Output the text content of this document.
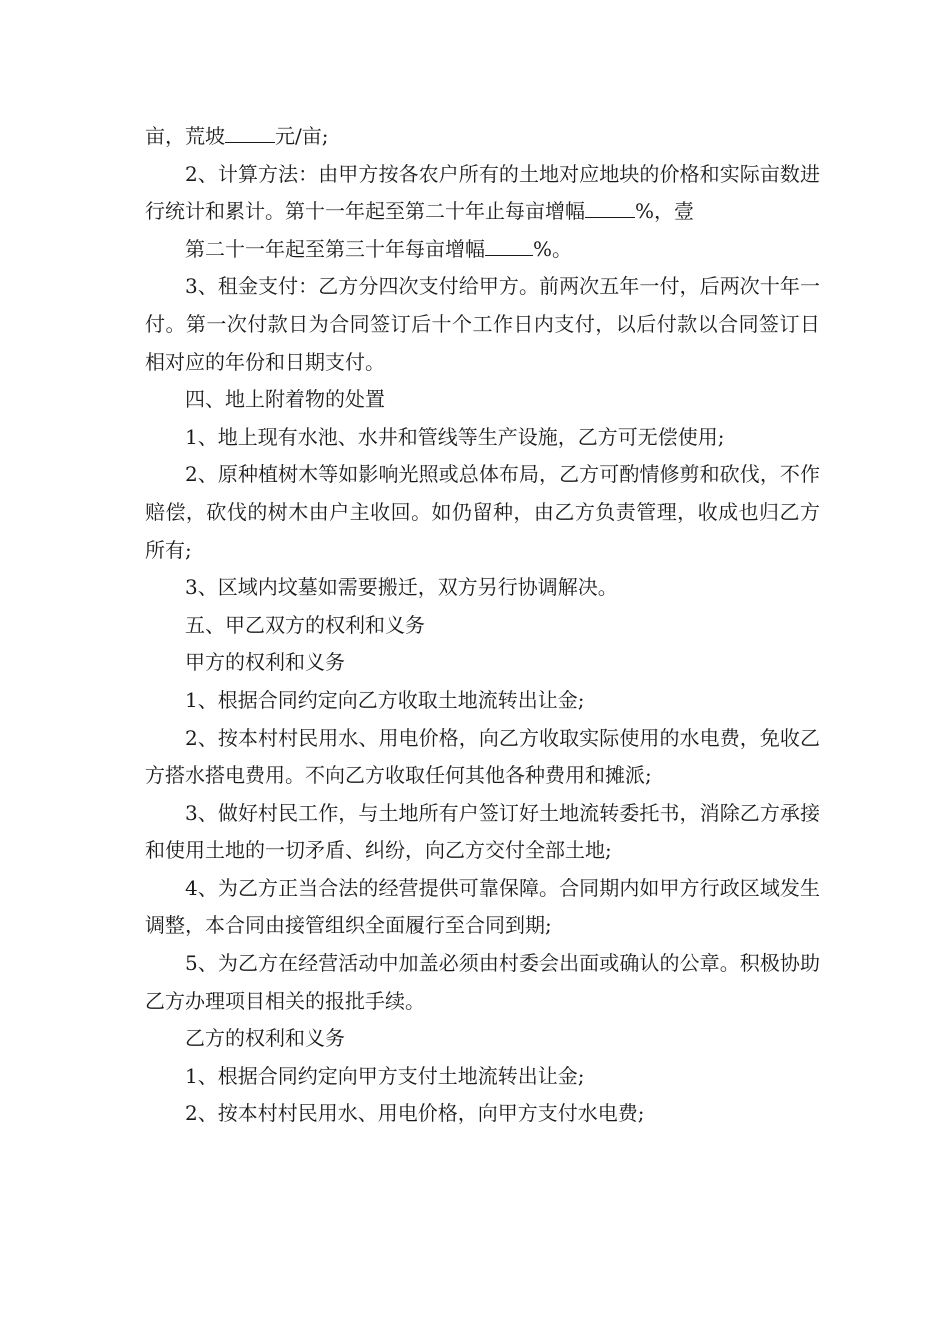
亩，荒坡	元/亩;

2、计算方法：由甲方按各农户所有的土地对应地块的价格和实际亩数进行统计和累计。第十一年起至第二十年止每亩增幅	%，壹

第二十一年起至第三十年每亩增幅 %。

3、租金支付：乙方分四次支付给甲方。前两次五年一付，后两次十年一付。第一次付款日为合同签订后十个工作日内支付，以后付款以合同签订日相对应的年份和日期支付。

四、地上附着物的处置

1、地上现有水池、水井和管线等生产设施，乙方可无偿使用;

2、原种植树木等如影响光照或总体布局，乙方可酌情修剪和砍伐，不作赔偿，砍伐的树木由户主收回。如仍留种，由乙方负责管理，收成也归乙方所有;

3、区域内坟墓如需要搬迁，双方另行协调解决。

五、甲乙双方的权利和义务

甲方的权利和义务

1、根据合同约定向乙方收取土地流转出让金;

2、按本村村民用水、用电价格，向乙方收取实际使用的水电费，免收乙方搭水搭电费用。不向乙方收取任何其他各种费用和摊派;

3、做好村民工作，与土地所有户签订好土地流转委托书，消除乙方承接和使用土地的一切矛盾、纠纷，向乙方交付全部土地;

4、为乙方正当合法的经营提供可靠保障。合同期内如甲方行政区域发生调整，本合同由接管组织全面履行至合同到期;

5、为乙方在经营活动中加盖必须由村委会出面或确认的公章。积极协助乙方办理项目相关的报批手续。

乙方的权利和义务

1、根据合同约定向甲方支付土地流转出让金;

2、按本村村民用水、用电价格，向甲方支付水电费;
